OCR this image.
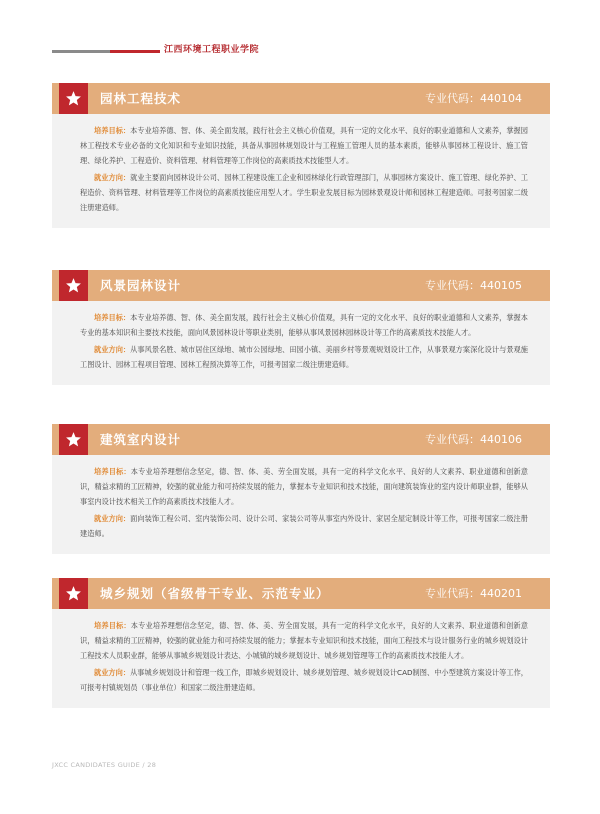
江西环境工程职业学院
园林工程技术	专业代码：440104

培养目标：本专业培养德、智、体、美全面发展，践行社会主义核心价值观，具有一定的文化水平、良好的职业道德和人文素养，掌握园林工程技术专业必备的文化知识和专业知识技能，具备从事园林规划设计与工程施工管理人员的基本素质，能够从事园林工程设计、施工管理、绿化养护、工程造价、资料管理、材料管理等工作岗位的高素质技术技能型人才。

就业方向：就业主要面向园林设计公司、园林工程建设施工企业和园林绿化行政管理部门，从事园林方案设计、施工管理、绿化养护、工程造价、资料管理、材料管理等工作岗位的高素质技能应用型人才。学生职业发展目标为园林景观设计师和园林工程建造师。可报考国家二级注册建造师。

风景园林设计	专业代码：440105

培养目标：本专业培养德、智、体、美全面发展，践行社会主义核心价值观，具有一定的文化水平、良好的职业道德和人文素养，掌握本专业的基本知识和主要技术技能，面向风景园林设计等职业类别，能够从事风景园林园林设计等工作的高素质技术技能人才。

就业方向：从事风景名胜、城市居住区绿地、城市公园绿地、田园小镇、美丽乡村等景观规划设计工作，从事景观方案深化设计与景观施工图设计、园林工程项目管理、园林工程预决算等工作，可报考国家二级注册建造师。

建筑室内设计	专业代码：440106

培养目标：本专业培养理想信念坚定，德、智、体、美、劳全面发展，具有一定的科学文化水平、良好的人文素养、职业道德和创新意识，精益求精的工匠精神，较强的就业能力和可持续发展的能力，掌握本专业知识和技术技能，面向建筑装饰业的室内设计师职业群，能够从事室内设计技术相关工作的高素质技术技能人才。

就业方向：面向装饰工程公司、室内装饰公司、设计公司、家装公司等从事室内外设计、家居全屋定制设计等工作，可报考国家二级注册建造师。

城乡规划（省级骨干专业、示范专业）	专业代码：440201

培养目标：本专业培养理想信念坚定，德、智、体、美、劳全面发展，具有一定的科学文化水平，良好的人文素养、职业道德和创新意识，精益求精的工匠精神，较强的就业能力和可持续发展的能力；掌握本专业知识和技术技能，面向工程技术与设计服务行业的城乡规划设计工程技术人员职业群，能够从事城乡规划设计表达、小城镇的城乡规划设计、城乡规划管理等工作的高素质技术技能人才。

就业方向：从事城乡规划设计和管理一线工作，即城乡规划设计、城乡规划管理、城乡规划设计CAD制图、中小型建筑方案设计等工作，可报考村镇规划员（事业单位）和国家二级注册建造师。

JXCC CANDIDATES GUIDE / 28
